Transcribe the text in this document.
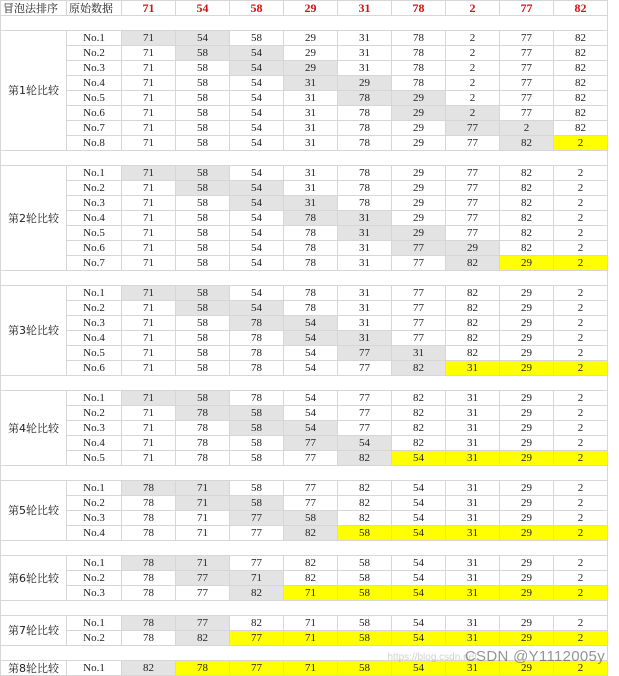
冒泡法排序	原始数据	71	54	58	29	31	78	2	77	82

第1轮比较	No.1	71	54	58	29	31	78	2	77	82
	No.2	71	58	54	29	31	78	2	77	82
	No.3	71	58	54	29	31	78	2	77	82
	No.4	71	58	54	31	29	78	2	77	82
	No.5	71	58	54	31	78	29	2	77	82
	No.6	71	58	54	31	78	29	2	77	82
	No.7	71	58	54	31	78	29	77	2	82
	No.8	71	58	54	31	78	29	77	82	2

第2轮比较	No.1	71	58	54	31	78	29	77	82	2
	No.2	71	58	54	31	78	29	77	82	2
	No.3	71	58	54	31	78	29	77	82	2
	No.4	71	58	54	78	31	29	77	82	2
	No.5	71	58	54	78	31	29	77	82	2
	No.6	71	58	54	78	31	77	29	82	2
	No.7	71	58	54	78	31	77	82	29	2

第3轮比较	No.1	71	58	54	78	31	77	82	29	2
	No.2	71	58	54	78	31	77	82	29	2
	No.3	71	58	78	54	31	77	82	29	2
	No.4	71	58	78	54	31	77	82	29	2
	No.5	71	58	78	54	77	31	82	29	2
	No.6	71	58	78	54	77	82	31	29	2

第4轮比较	No.1	71	58	78	54	77	82	31	29	2
	No.2	71	78	58	54	77	82	31	29	2
	No.3	71	78	58	54	77	82	31	29	2
	No.4	71	78	58	77	54	82	31	29	2
	No.5	71	78	58	77	82	54	31	29	2

第5轮比较	No.1	78	71	58	77	82	54	31	29	2
	No.2	78	71	58	77	82	54	31	29	2
	No.3	78	71	77	58	82	54	31	29	2
	No.4	78	71	77	82	58	54	31	29	2

第6轮比较	No.1	78	71	77	82	58	54	31	29	2
	No.2	78	77	71	82	58	54	31	29	2
	No.3	78	77	82	71	58	54	31	29	2

第7轮比较	No.1	78	77	82	71	58	54	31	29	2
	No.2	78	82	77	71	58	54	31	29	2

第8轮比较	No.1	82	78	77	71	58	54	31	29	2
https://blog.csdn.net
CSDN @Y1112005y
